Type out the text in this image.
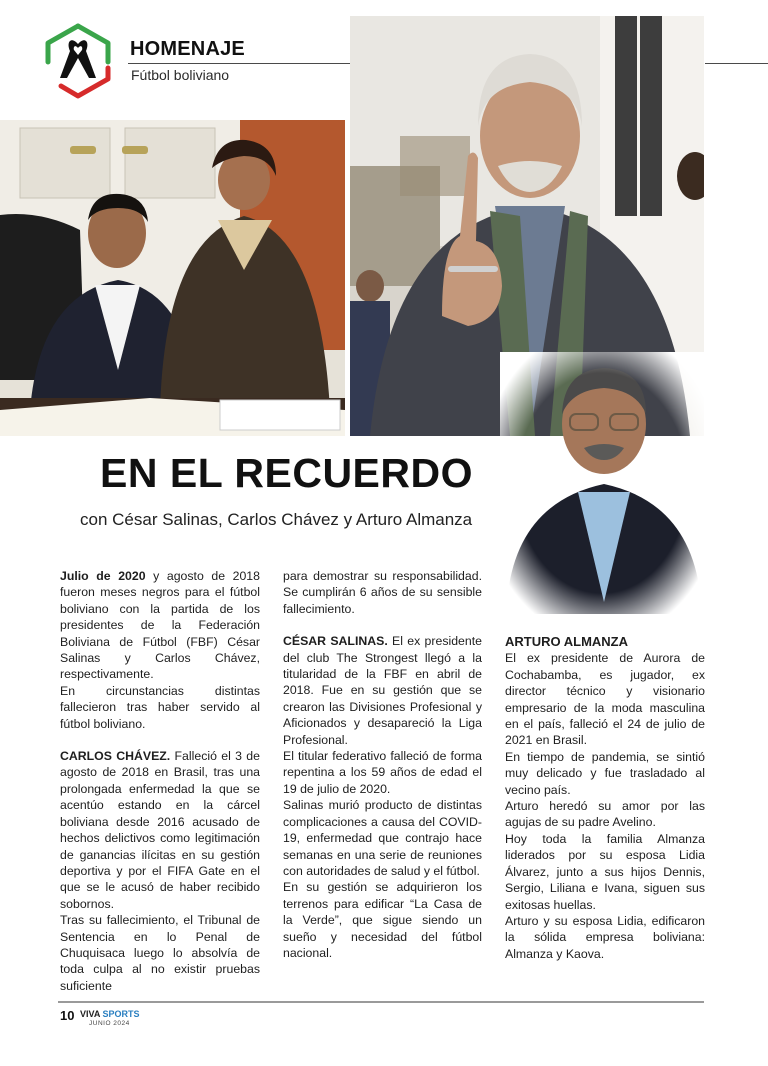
HOMENAJE
Fútbol boliviano
EN EL RECUERDO
con César Salinas, Carlos Chávez y Arturo Almanza

Julio de 2020 y agosto de 2018 fueron meses negros para el fútbol boliviano con la partida de los presidentes de la Federación Boliviana de Fútbol (FBF) César Salinas y Carlos Chávez, respectivamente.

En circunstancias distintas fallecieron tras haber servido al fútbol boliviano.

CARLOS CHÁVEZ. Falleció el 3 de agosto de 2018 en Brasil, tras una prolongada enfermedad la que se acentúo estando en la cárcel boliviana desde 2016 acusado de hechos delictivos como legitimación de ganancias ilícitas en su gestión deportiva y por el FIFA Gate en el que se le acusó de haber recibido sobornos.

Tras su fallecimiento, el Tribunal de Sentencia en lo Penal de Chuquisaca luego lo absolvía de toda culpa al no existir pruebas suficiente

para demostrar su responsabilidad. Se cumplirán 6 años de su sensible fallecimiento.

CÉSAR SALINAS. El ex presidente del club The Strongest llegó a la titularidad de la FBF en abril de 2018. Fue en su gestión que se crearon las Divisiones Profesional y Aficionados y desapareció la Liga Profesional.

El titular federativo falleció de forma repentina a los 59 años de edad el 19 de julio de 2020.

Salinas murió producto de distintas complicaciones a causa del COVID-19, enfermedad que contrajo hace semanas en una serie de reuniones con autoridades de salud y el fútbol.

En su gestión se adquirieron los terrenos para edificar “La Casa de la Verde”, que sigue siendo un sueño y necesidad del fútbol nacional.

ARTURO ALMANZA

El ex presidente de Aurora de Cochabamba, es jugador, ex director técnico y visionario empresario de la moda masculina en el país, falleció el 24 de julio de 2021 en Brasil.

En tiempo de pandemia, se sintió muy delicado y fue trasladado al vecino país.

Arturo heredó su amor por las agujas de su padre Avelino.

Hoy toda la familia Almanza liderados por su esposa Lidia Álvarez, junto a sus hijos Dennis, Sergio, Liliana e Ivana, siguen sus exitosas huellas.

Arturo y su esposa Lidia, edificaron la sólida empresa boliviana: Almanza y Kaova.

10 VIVA SPORTS
JUNIO 2024
